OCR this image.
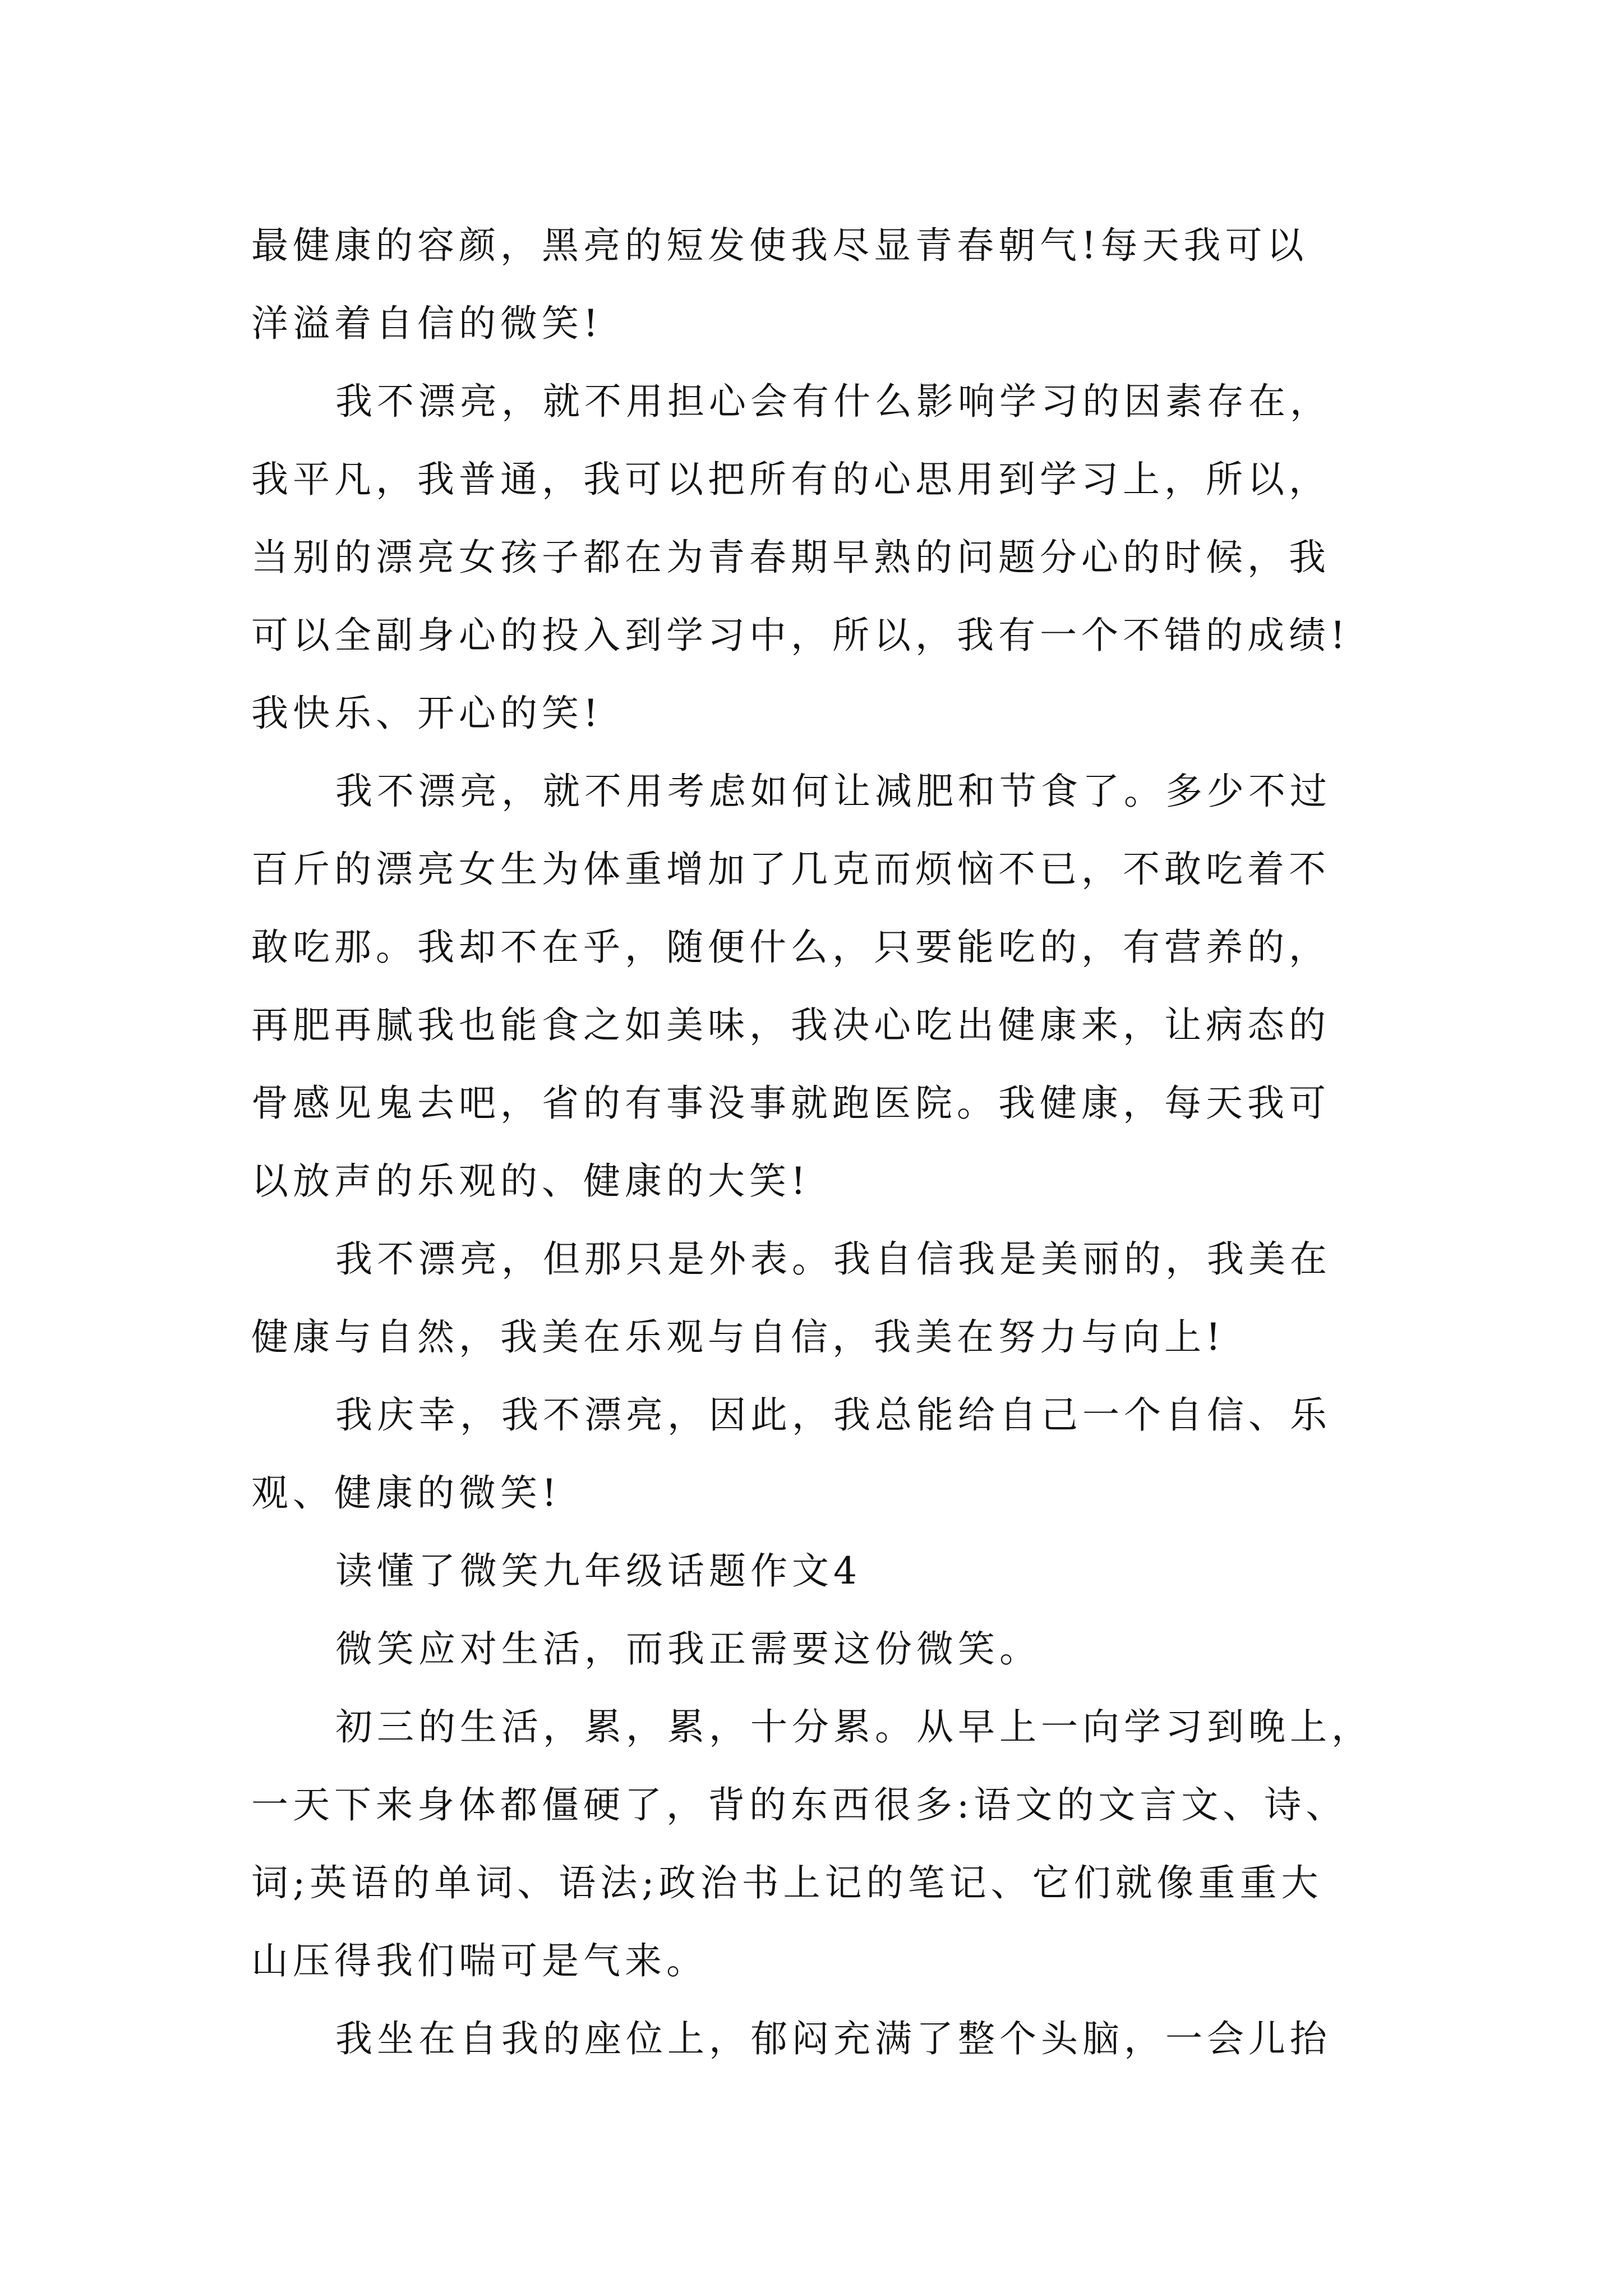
最健康的容颜，黑亮的短发使我尽显青春朝气!每天我可以
洋溢着自信的微笑!
我不漂亮，就不用担心会有什么影响学习的因素存在，
我平凡，我普通，我可以把所有的心思用到学习上，所以，
当别的漂亮女孩子都在为青春期早熟的问题分心的时候，我
可以全副身心的投入到学习中，所以，我有一个不错的成绩!
我快乐、开心的笑!
我不漂亮，就不用考虑如何让减肥和节食了。多少不过
百斤的漂亮女生为体重增加了几克而烦恼不已，不敢吃着不
敢吃那。我却不在乎，随便什么，只要能吃的，有营养的，
再肥再腻我也能食之如美味，我决心吃出健康来，让病态的
骨感见鬼去吧，省的有事没事就跑医院。我健康，每天我可
以放声的乐观的、健康的大笑!
我不漂亮，但那只是外表。我自信我是美丽的，我美在
健康与自然，我美在乐观与自信，我美在努力与向上!
我庆幸，我不漂亮，因此，我总能给自己一个自信、乐
观、健康的微笑!
读懂了微笑九年级话题作文4
微笑应对生活，而我正需要这份微笑。
初三的生活，累，累，十分累。从早上一向学习到晚上，
一天下来身体都僵硬了，背的东西很多:语文的文言文、诗、
词;英语的单词、语法;政治书上记的笔记、它们就像重重大
山压得我们喘可是气来。
我坐在自我的座位上，郁闷充满了整个头脑，一会儿抬
